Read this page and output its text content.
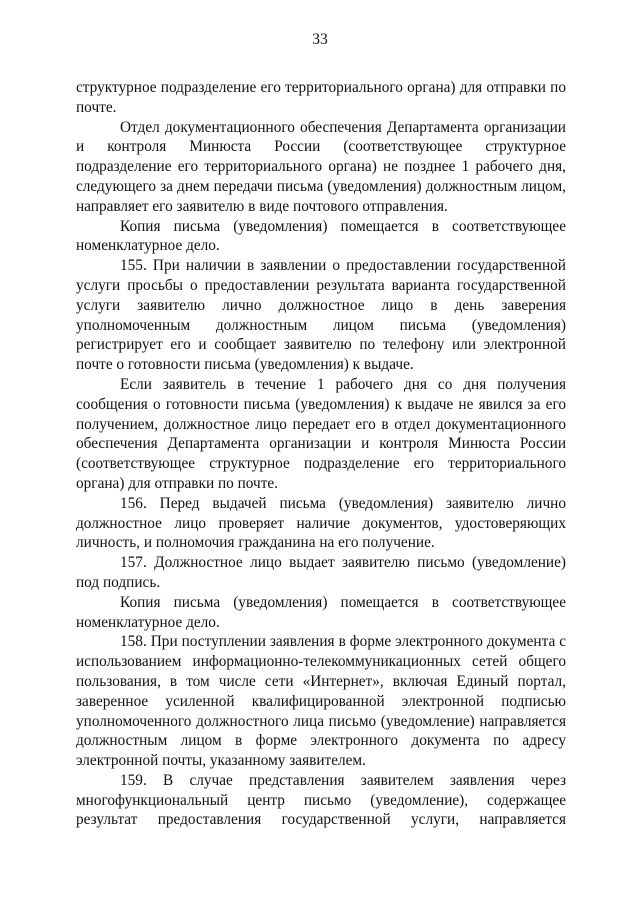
33

структурное подразделение его территориального органа) для отправки по почте.

Отдел документационного обеспечения Департамента организации и контроля Минюста России (соответствующее структурное подразделение его территориального органа) не позднее 1 рабочего дня, следующего за днем передачи письма (уведомления) должностным лицом, направляет его заявителю в виде почтового отправления.

Копия письма (уведомления) помещается в соответствующее номенклатурное дело.

155. При наличии в заявлении о предоставлении государственной услуги просьбы о предоставлении результата варианта государственной услуги заявителю лично должностное лицо в день заверения уполномоченным должностным лицом письма (уведомления) регистрирует его и сообщает заявителю по телефону или электронной почте о готовности письма (уведомления) к выдаче.

Если заявитель в течение 1 рабочего дня со дня получения сообщения о готовности письма (уведомления) к выдаче не явился за его получением, должностное лицо передает его в отдел документационного обеспечения Департамента организации и контроля Минюста России (соответствующее структурное подразделение его территориального органа) для отправки по почте.

156. Перед выдачей письма (уведомления) заявителю лично должностное лицо проверяет наличие документов, удостоверяющих личность, и полномочия гражданина на его получение.

157. Должностное лицо выдает заявителю письмо (уведомление) под подпись.

Копия письма (уведомления) помещается в соответствующее номенклатурное дело.

158. При поступлении заявления в форме электронного документа с использованием информационно-телекоммуникационных сетей общего пользования, в том числе сети «Интернет», включая Единый портал, заверенное усиленной квалифицированной электронной подписью уполномоченного должностного лица письмо (уведомление) направляется должностным лицом в форме электронного документа по адресу электронной почты, указанному заявителем.

159. В случае представления заявителем заявления через многофункциональный центр письмо (уведомление), содержащее результат предоставления государственной услуги, направляется
